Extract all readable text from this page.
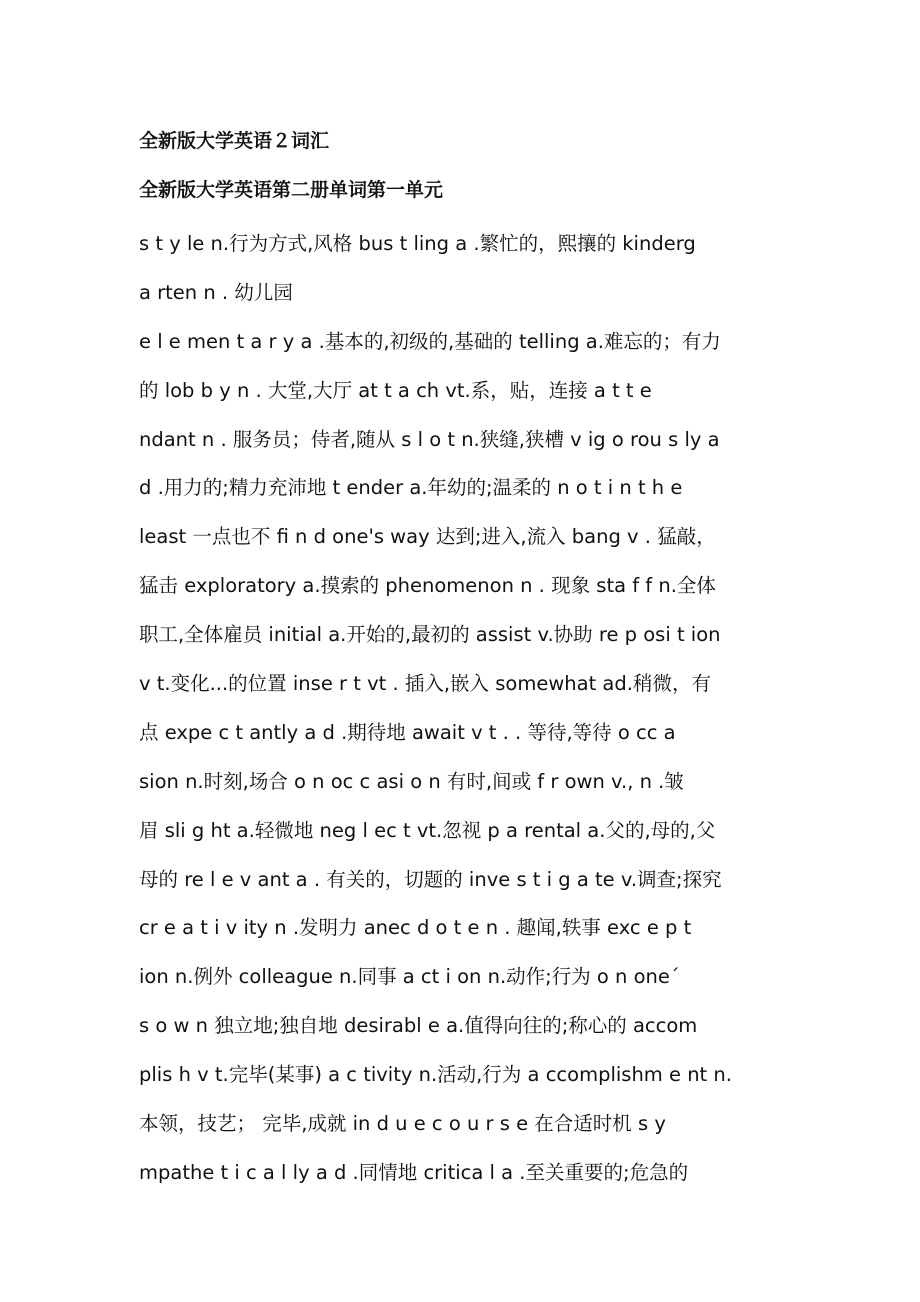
全新版大学英语２词汇
全新版大学英语第二册单词第一单元

s t y le n.行为方式,风格 bus t ling a .繁忙的，熙攘的 kinderg

a rten n . 幼儿园

e l e men t a r y a .基本的,初级的,基础的 telling a.难忘的；有力

的 lob b y n . 大堂,大厅 at t a ch vt.系，贴，连接 a t t e

ndant n . 服务员；侍者,随从 s l o t n.狭缝,狭槽 v ig o rou s ly a

d .用力的;精力充沛地 t ender a.年幼的;温柔的 n o t i n t h e

least 一点也不 fi n d one's way 达到;进入,流入 bang v . 猛敲，

猛击 exploratory a.摸索的 phenomenon n . 现象 sta f f n.全体

职工,全体雇员 initial a.开始的,最初的 assist v.协助 re p osi t ion

v t.变化...的位置 inse r t vt . 插入,嵌入 somewhat ad.稍微，有

点 expe c t antly a d .期待地 await v t . . 等待,等待 o cc a

sion n.时刻,场合 o n oc c asi o n 有时,间或 f r own v., n .皱

眉 sli g ht a.轻微地 neg l ec t vt.忽视 p a rental a.父的,母的,父

母的 re l e v ant a . 有关的，切题的 inve s t i g a te v.调查;探究

cr e a t i v ity n .发明力 anec d o t e n . 趣闻,轶事 exc e p t

ion n.例外 colleague n.同事 a ct i on n.动作;行为 o n one´

s o w n 独立地;独自地 desirabl e a.值得向往的;称心的 accom

plis h v t.完毕(某事) a c tivity n.活动,行为 a ccomplishm e nt n.

本领，技艺； 完毕,成就 in d u e c o u r s e 在合适时机 s y

mpathe t i c a l ly a d .同情地 critica l a .至关重要的;危急的
